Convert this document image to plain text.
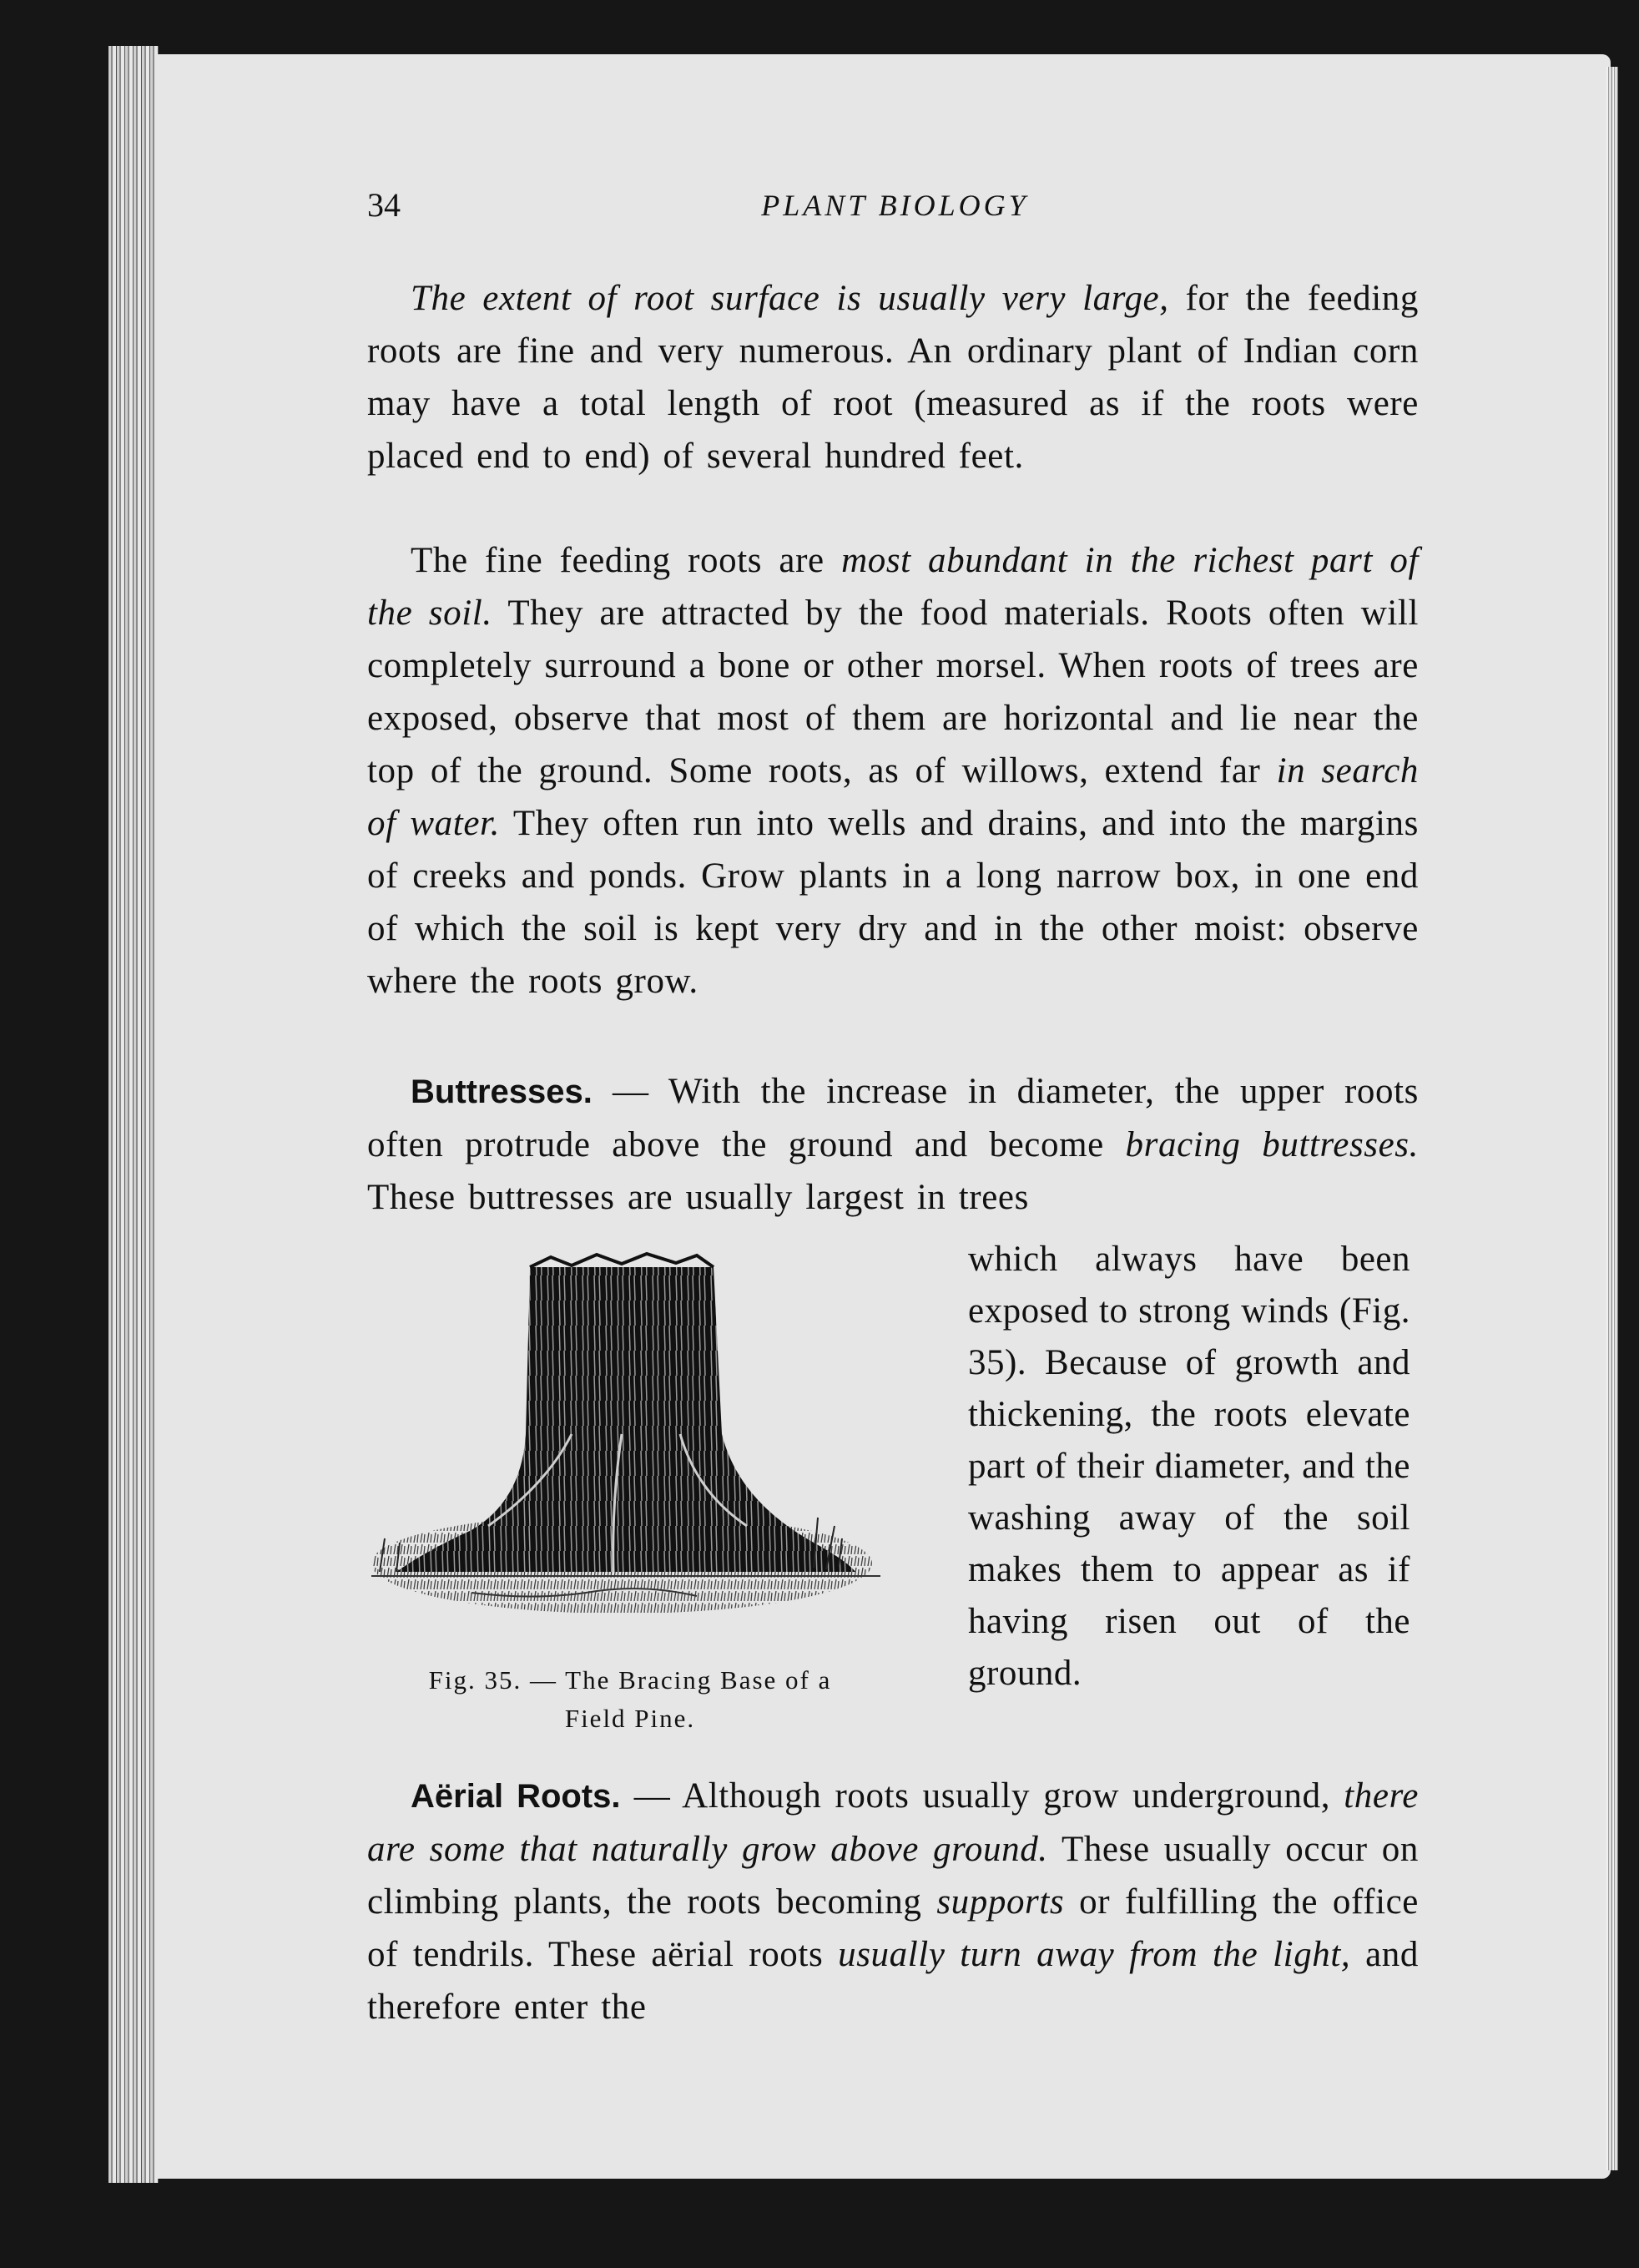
34	PLANT BIOLOGY

The extent of root surface is usually very large, for the feeding roots are fine and very numerous. An ordinary plant of Indian corn may have a total length of root (measured as if the roots were placed end to end) of several hundred feet.

The fine feeding roots are most abundant in the richest part of the soil. They are attracted by the food materials. Roots often will completely surround a bone or other morsel. When roots of trees are exposed, observe that most of them are horizontal and lie near the top of the ground. Some roots, as of willows, extend far in search of water. They often run into wells and drains, and into the margins of creeks and ponds. Grow plants in a long narrow box, in one end of which the soil is kept very dry and in the other moist: observe where the roots grow.

Buttresses. — With the increase in diameter, the upper roots often protrude above the ground and become bracing buttresses. These buttresses are usually largest in trees

which always have been exposed to strong winds (Fig. 35). Because of growth and thickening, the roots elevate part of their diameter, and the washing away of the soil makes them to appear as if having risen out of the ground.

Fig. 35. — The Bracing Base of a
Field Pine.

Aërial Roots. — Although roots usually grow underground, there are some that naturally grow above ground. These usually occur on climbing plants, the roots becoming supports or fulfilling the office of tendrils. These aërial roots usually turn away from the light, and therefore enter the
